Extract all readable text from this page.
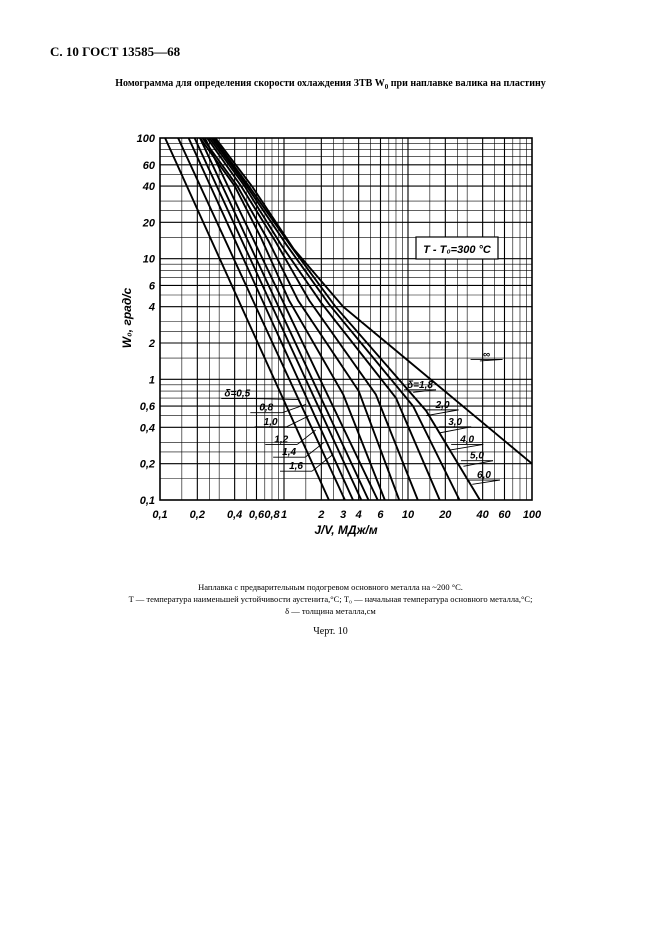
С. 10 ГОСТ 13585—68
Номограмма для определения скорости охлаждения ЗТВ $W_0$ при наплавке валика на пластину
0,1 0,2 0,4 0,6 0,8 1	2 3 4 6 10 20 40 60 100
100
60
40
20
10
6
4
2
1
0,6
0,4
0,2
0,1
δ=0,5
0,8
1,0
1,2
1,4
1,6
δ=1,8
2,0
3,0
4,0
5,0
6,0
∞
J/V, МДж/м
W₀, град/с
T - T₀=300 °C
Наплавка с предварительным подогревом основного металла на ~200 °С.
T — температура наименьшей устойчивости аустенита,°С; T₀ — начальная температура основного металла,°С;
δ — толщина металла,см
Черт. 10
